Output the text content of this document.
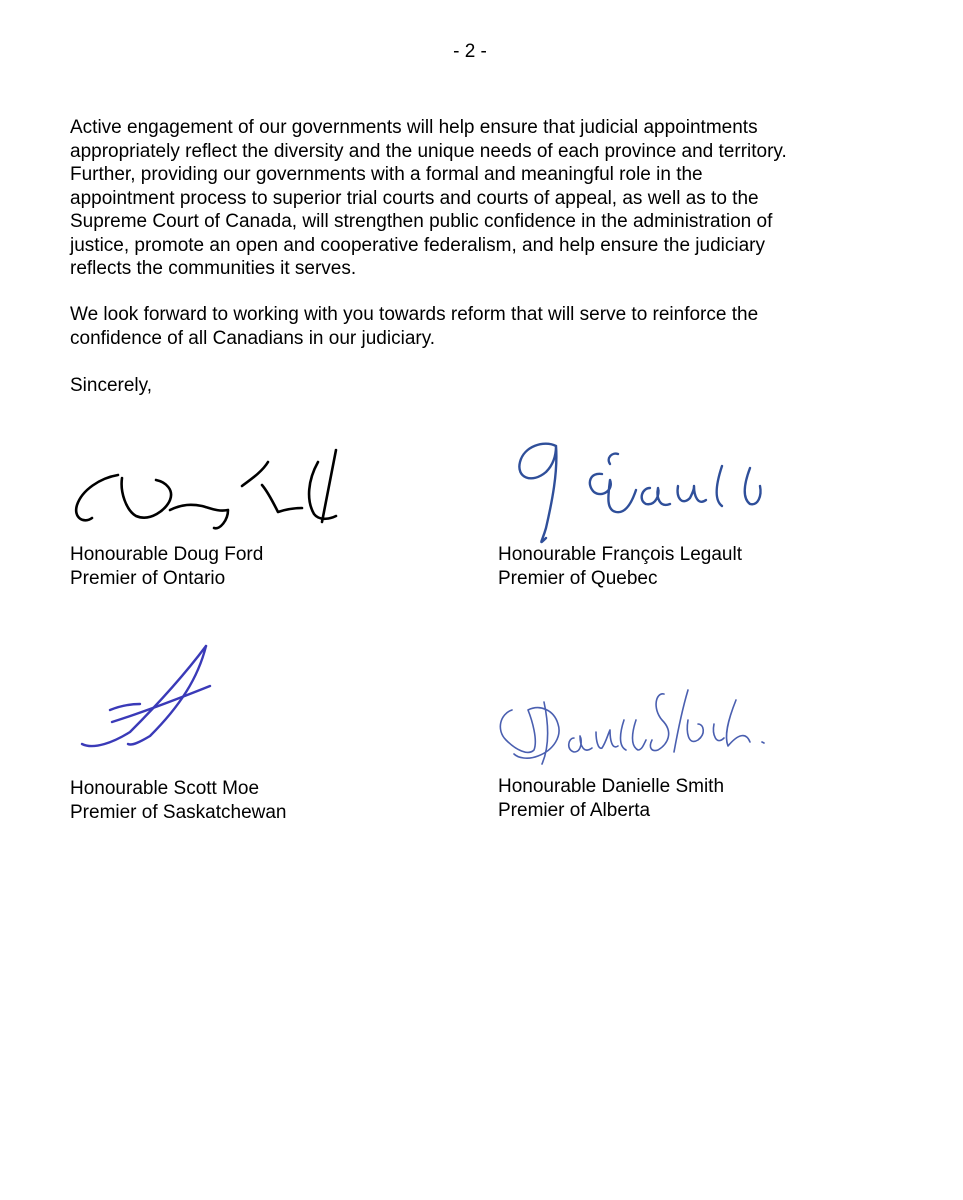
- 2 -

Active engagement of our governments will help ensure that judicial appointments
appropriately reflect the diversity and the unique needs of each province and territory.
Further, providing our governments with a formal and meaningful role in the
appointment process to superior trial courts and courts of appeal, as well as to the
Supreme Court of Canada, will strengthen public confidence in the administration of
justice, promote an open and cooperative federalism, and help ensure the judiciary
reflects the communities it serves.

We look forward to working with you towards reform that will serve to reinforce the
confidence of all Canadians in our judiciary.

Sincerely,
Honourable Doug Ford
Premier of Ontario
Honourable François Legault
Premier of Quebec
Honourable Scott Moe
Premier of Saskatchewan
Honourable Danielle Smith
Premier of Alberta
